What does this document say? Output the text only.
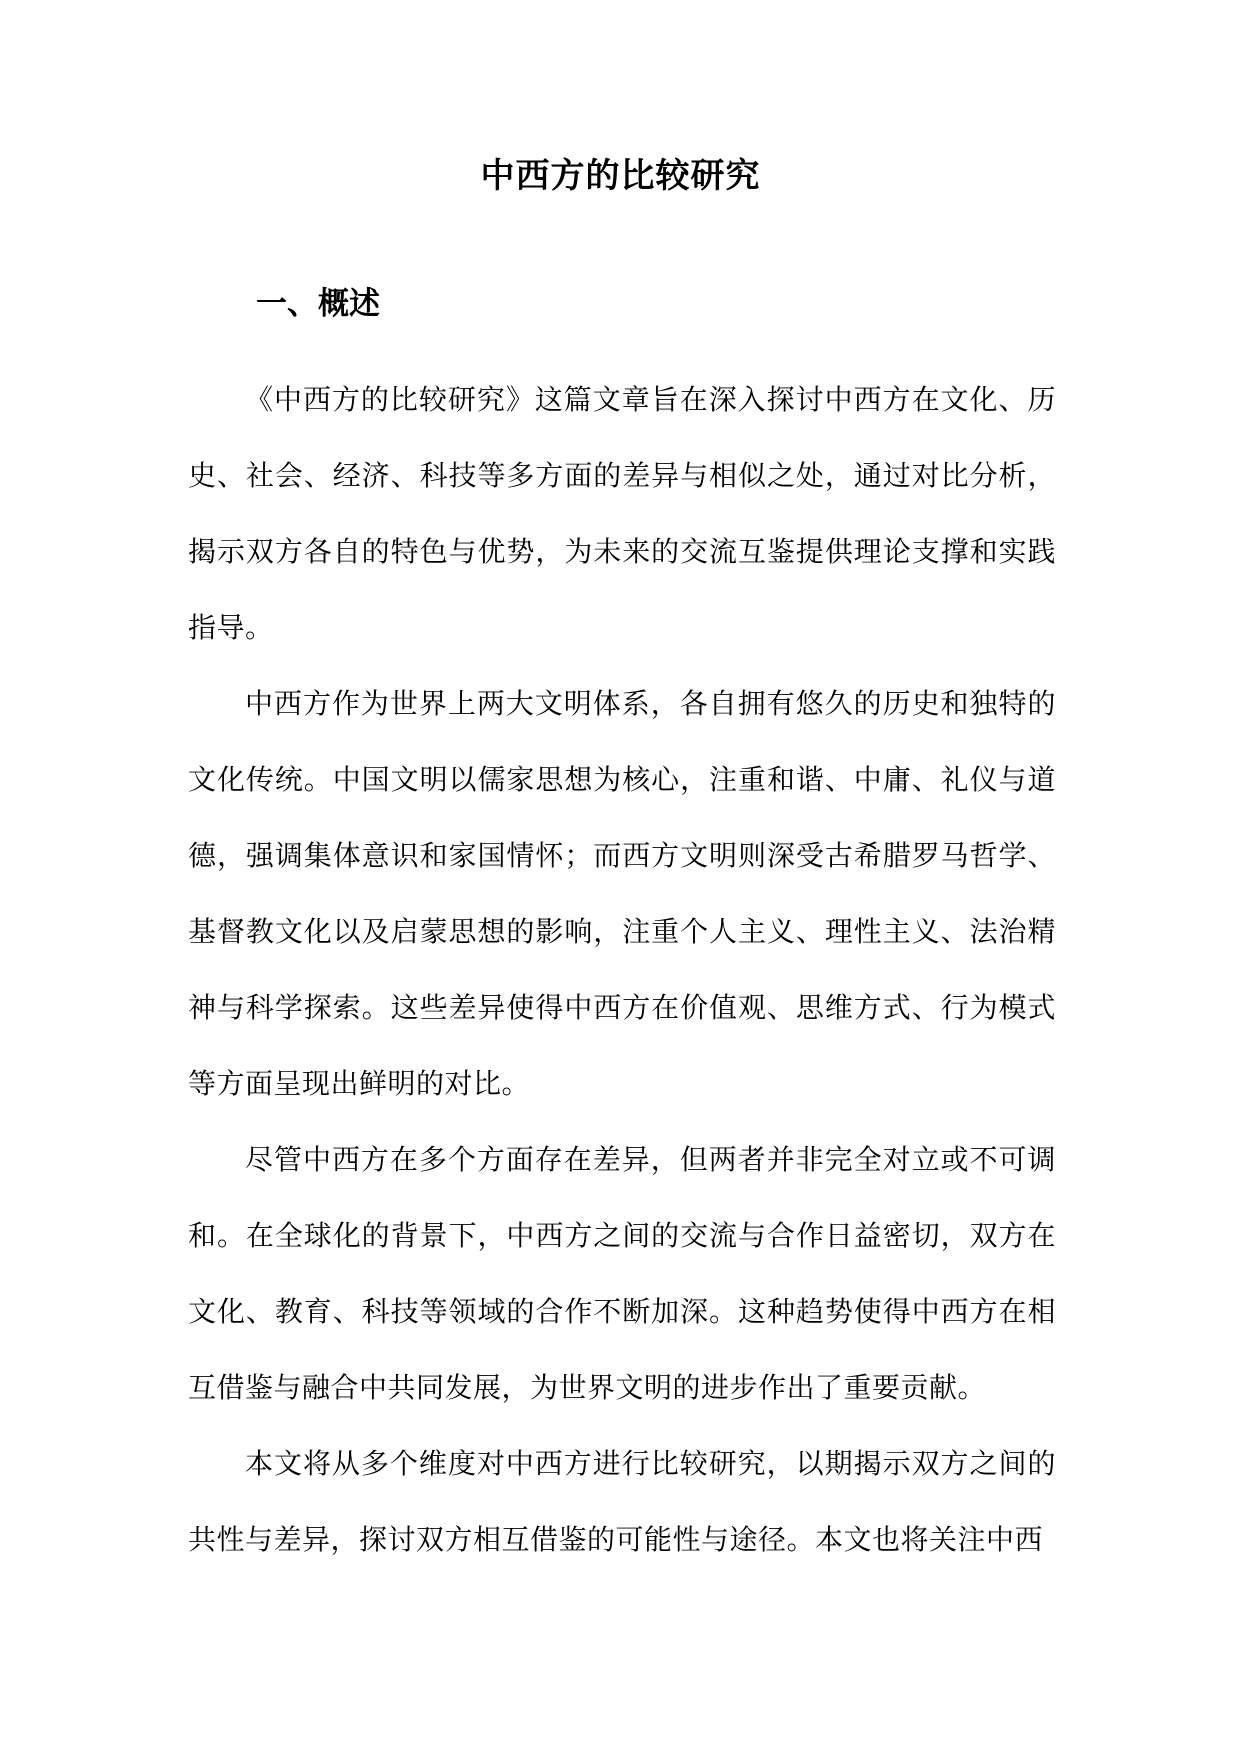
中西方的比较研究
一、概述

《中西方的比较研究》这篇文章旨在深入探讨中西方在文化、历史、社会、经济、科技等多方面的差异与相似之处，通过对比分析，揭示双方各自的特色与优势，为未来的交流互鉴提供理论支撑和实践指导。

中西方作为世界上两大文明体系，各自拥有悠久的历史和独特的文化传统。中国文明以儒家思想为核心，注重和谐、中庸、礼仪与道德，强调集体意识和家国情怀；而西方文明则深受古希腊罗马哲学、基督教文化以及启蒙思想的影响，注重个人主义、理性主义、法治精神与科学探索。这些差异使得中西方在价值观、思维方式、行为模式等方面呈现出鲜明的对比。

尽管中西方在多个方面存在差异，但两者并非完全对立或不可调和。在全球化的背景下，中西方之间的交流与合作日益密切，双方在文化、教育、科技等领域的合作不断加深。这种趋势使得中西方在相互借鉴与融合中共同发展，为世界文明的进步作出了重要贡献。

本文将从多个维度对中西方进行比较研究，以期揭示双方之间的共性与差异，探讨双方相互借鉴的可能性与途径。本文也将关注中西
